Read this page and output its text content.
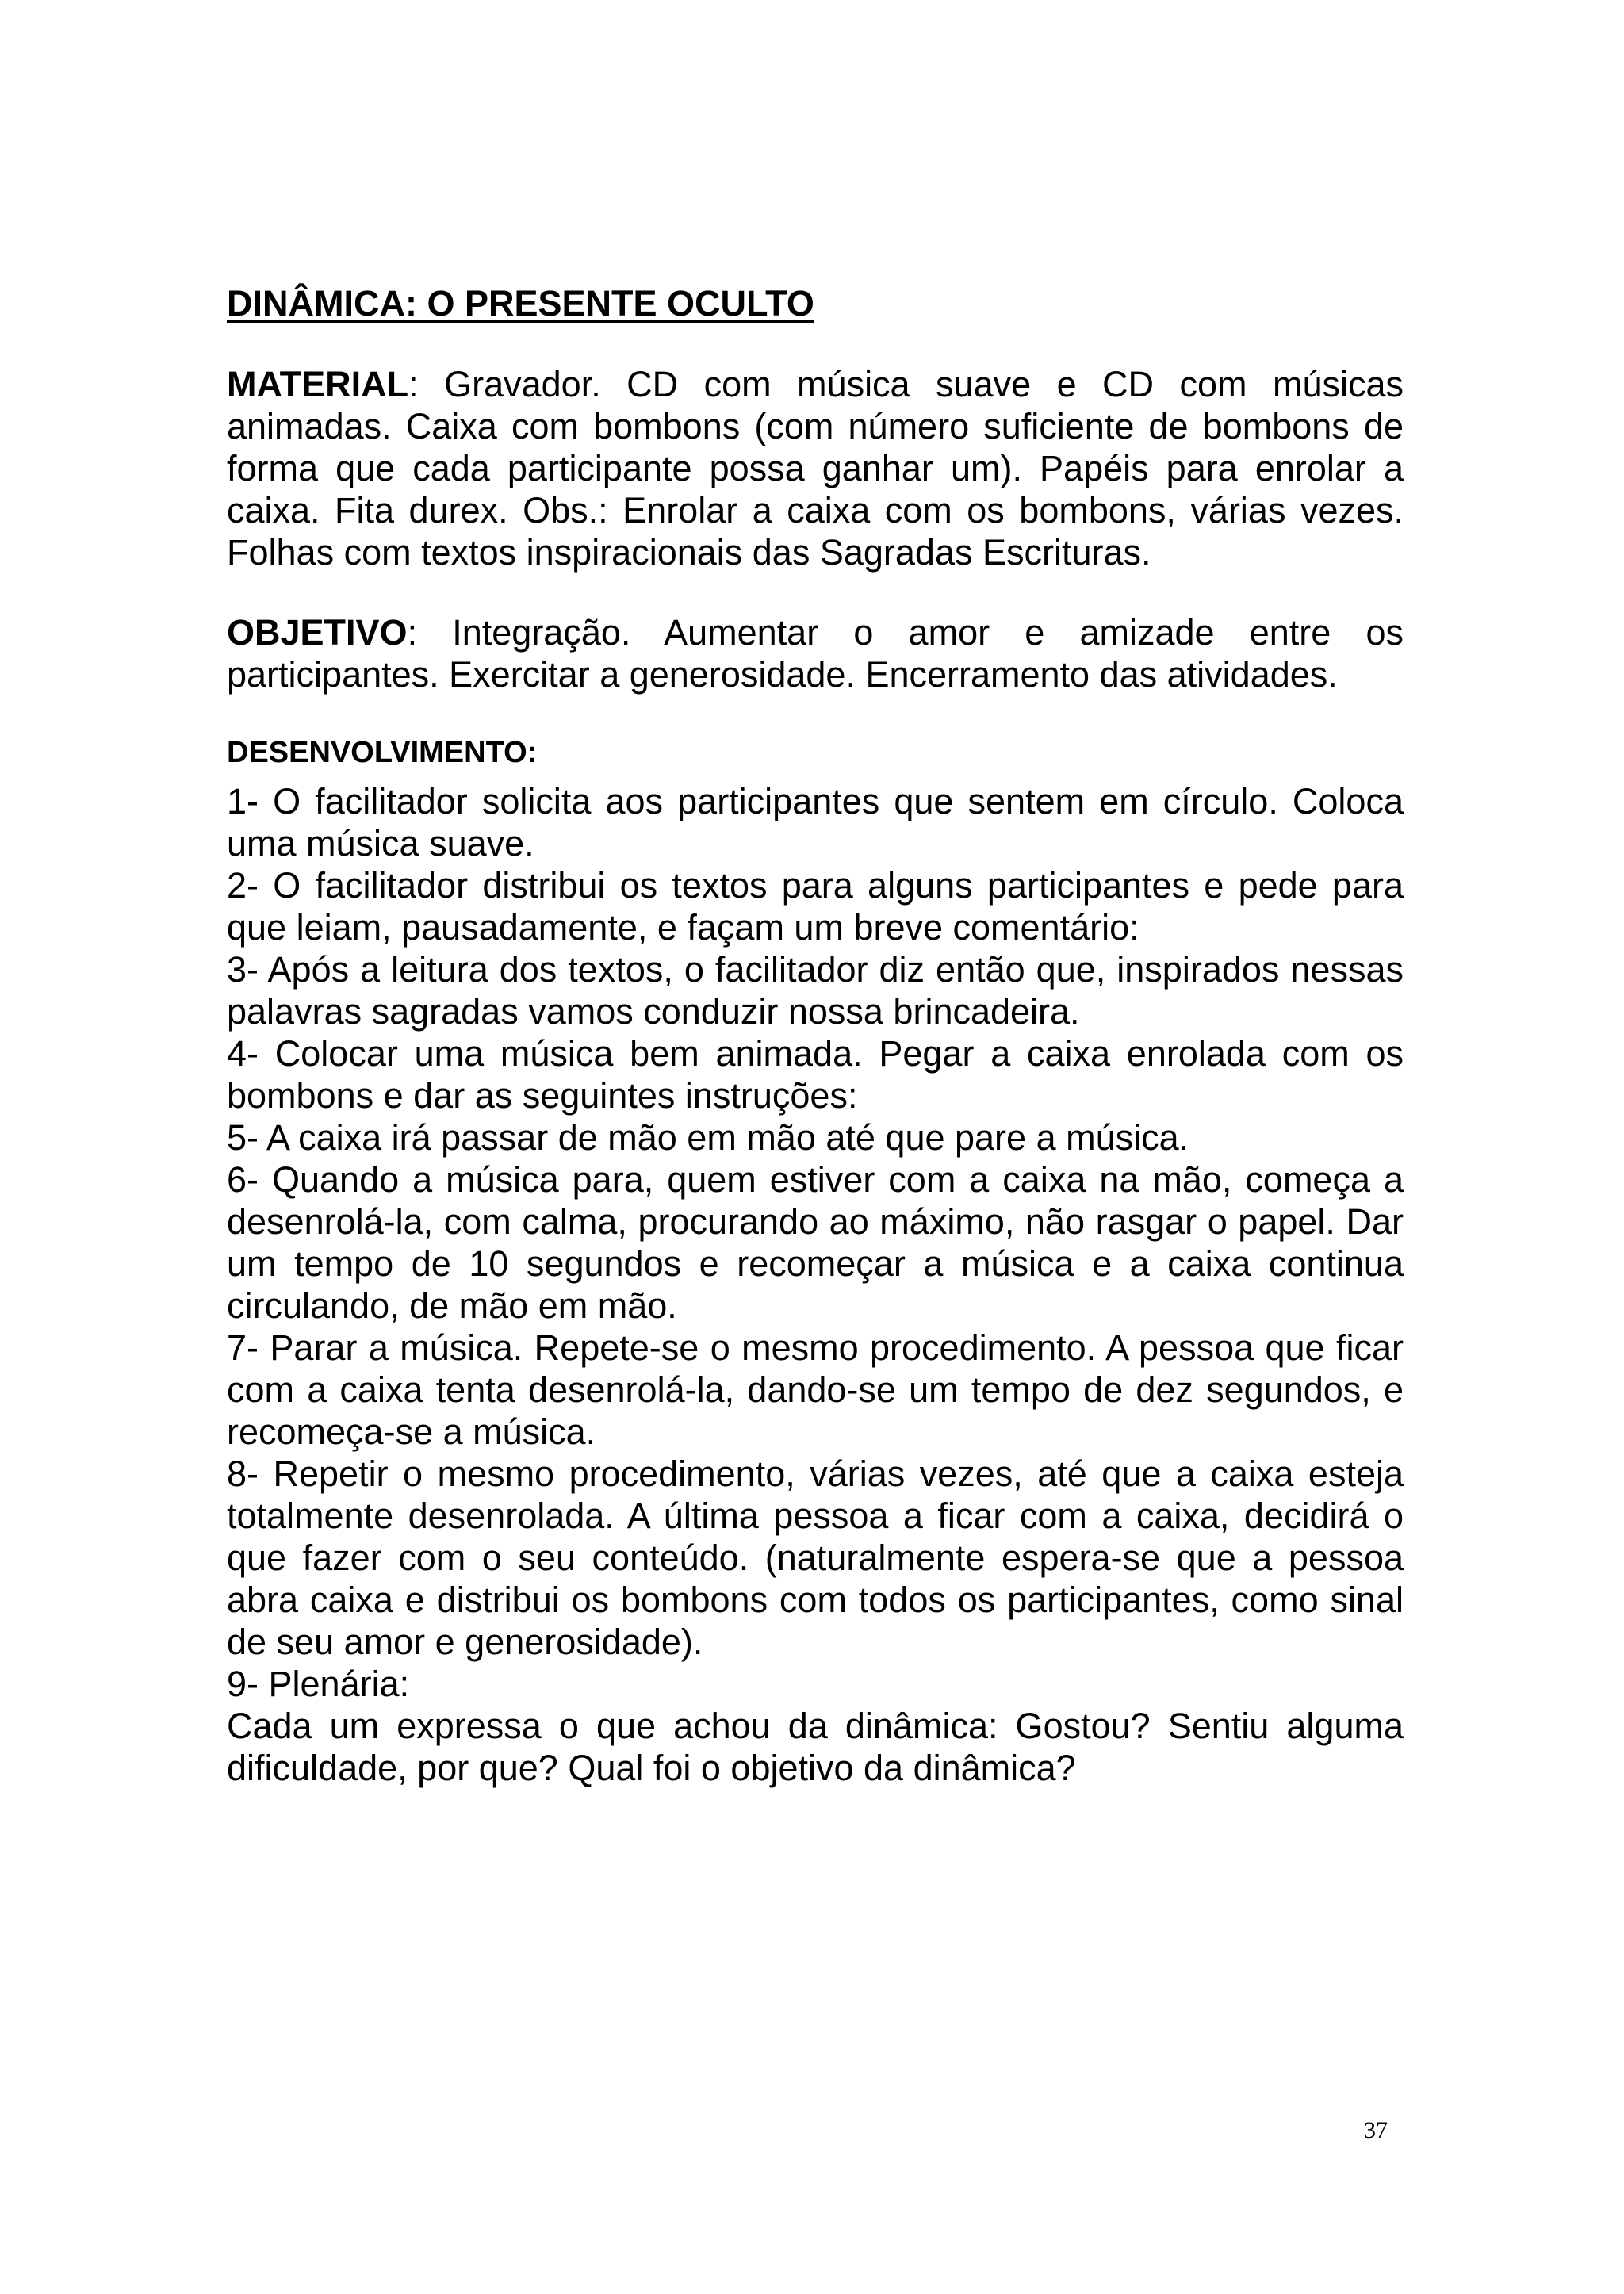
DINÂMICA: O PRESENTE OCULTO

MATERIAL: Gravador. CD com música suave e CD com músicas animadas. Caixa com bombons (com número suficiente de bombons de forma que cada participante possa ganhar um). Papéis para enrolar a caixa. Fita durex. Obs.: Enrolar a caixa com os bombons, várias vezes. Folhas com textos inspiracionais das Sagradas Escrituras.

OBJETIVO: Integração. Aumentar o amor e amizade entre os participantes. Exercitar a generosidade. Encerramento das atividades.

DESENVOLVIMENTO:

1- O facilitador solicita aos participantes que sentem em círculo. Coloca uma música suave.

2- O facilitador distribui os textos para alguns participantes e pede para que leiam, pausadamente, e façam um breve comentário:

3- Após a leitura dos textos, o facilitador diz então que, inspirados nessas palavras sagradas vamos conduzir nossa brincadeira.

4- Colocar uma música bem animada. Pegar a caixa enrolada com os bombons e dar as seguintes instruções:

5- A caixa irá passar de mão em mão até que pare a música.

6- Quando a música para, quem estiver com a caixa na mão, começa a desenrolá-la, com calma, procurando ao máximo, não rasgar o papel. Dar um tempo de 10 segundos e recomeçar a música e a caixa continua circulando, de mão em mão.

7- Parar a música. Repete-se o mesmo procedimento. A pessoa que ficar com a caixa tenta desenrolá-la, dando-se um tempo de dez segundos, e recomeça-se a música.

8- Repetir o mesmo procedimento, várias vezes, até que a caixa esteja totalmente desenrolada. A última pessoa a ficar com a caixa, decidirá o que fazer com o seu conteúdo. (naturalmente espera-se que a pessoa abra caixa e distribui os bombons com todos os participantes, como sinal de seu amor e generosidade).

9- Plenária:

Cada um expressa o que achou da dinâmica: Gostou? Sentiu alguma dificuldade, por que? Qual foi o objetivo da dinâmica?

37
